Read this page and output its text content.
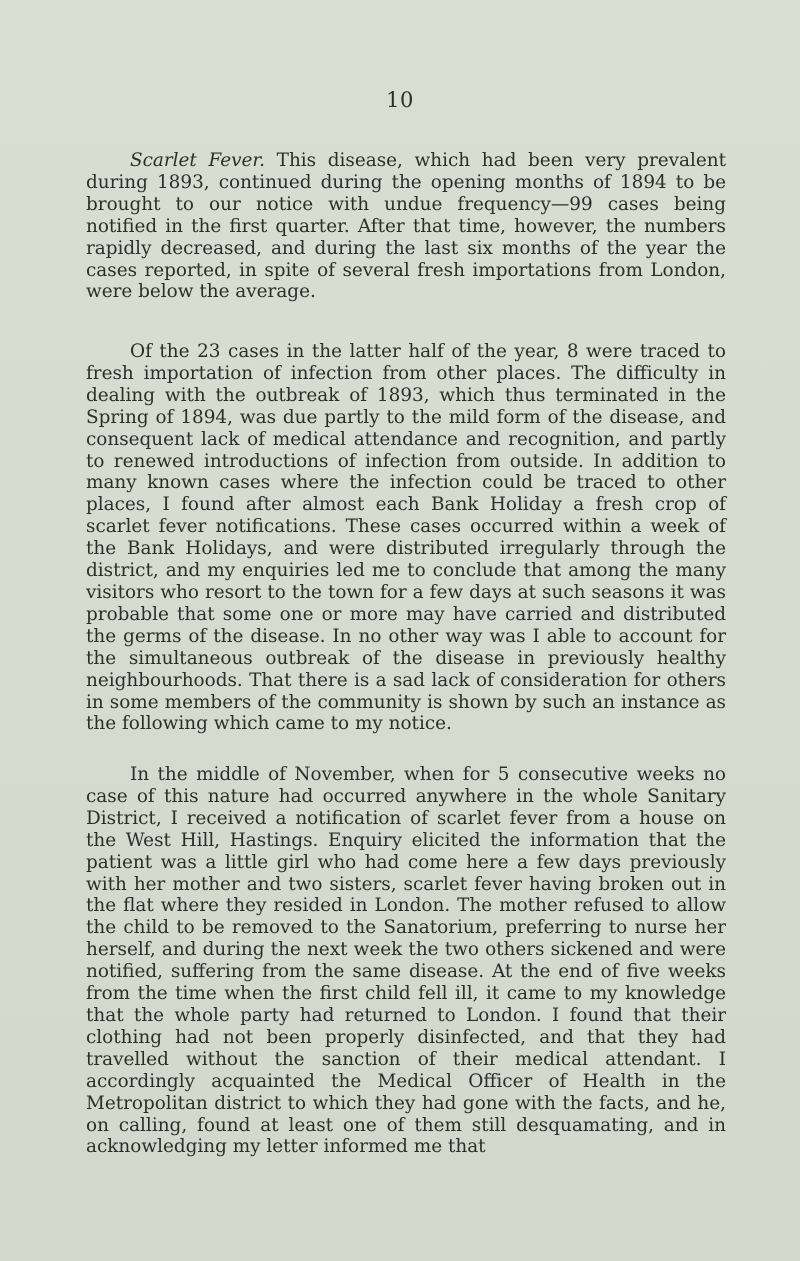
10

Scarlet Fever. This disease, which had been very prevalent during 1893, continued during the opening months of 1894 to be brought to our notice with undue frequency—99 cases being notified in the first quarter. After that time, however, the numbers rapidly decreased, and during the last six months of the year the cases reported, in spite of several fresh importations from London, were below the average.

Of the 23 cases in the latter half of the year, 8 were traced to fresh importation of infection from other places. The difficulty in dealing with the outbreak of 1893, which thus terminated in the Spring of 1894, was due partly to the mild form of the disease, and consequent lack of medical attendance and recognition, and partly to renewed introductions of infection from outside. In addition to many known cases where the infection could be traced to other places, I found after almost each Bank Holiday a fresh crop of scarlet fever notifications. These cases occurred within a week of the Bank Holidays, and were distributed irregularly through the district, and my enquiries led me to conclude that among the many visitors who resort to the town for a few days at such seasons it was probable that some one or more may have carried and distributed the germs of the disease. In no other way was I able to account for the simultaneous outbreak of the disease in previously healthy neighbourhoods. That there is a sad lack of consideration for others in some members of the community is shown by such an instance as the following which came to my notice.

In the middle of November, when for 5 consecutive weeks no case of this nature had occurred anywhere in the whole Sanitary District, I received a notification of scarlet fever from a house on the West Hill, Hastings. Enquiry elicited the information that the patient was a little girl who had come here a few days previously with her mother and two sisters, scarlet fever having broken out in the flat where they resided in London. The mother refused to allow the child to be removed to the Sanatorium, preferring to nurse her herself, and during the next week the two others sickened and were notified, suffering from the same disease. At the end of five weeks from the time when the first child fell ill, it came to my knowledge that the whole party had returned to London. I found that their clothing had not been properly disinfected, and that they had travelled without the sanction of their medical attendant. I accordingly acquainted the Medical Officer of Health in the Metropolitan district to which they had gone with the facts, and he, on calling, found at least one of them still desquamating, and in acknowledging my letter informed me that
